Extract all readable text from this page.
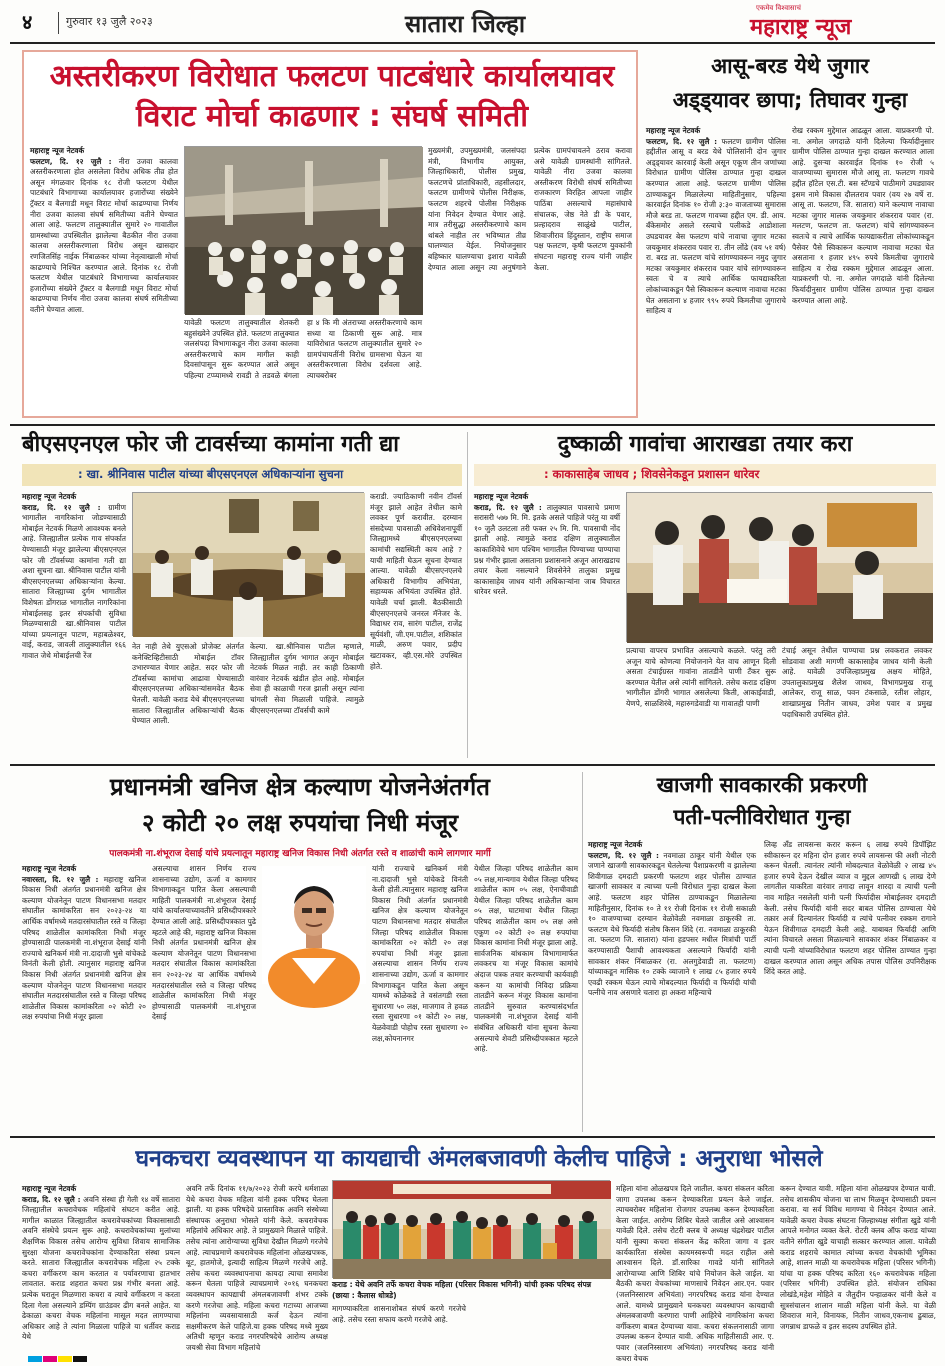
४	गुरुवार १३ जुलै २०२३	सातारा जिल्हा
एकमेव विश्वासाचं
महाराष्ट्र न्यूज
अस्तरीकरण विरोधात फलटण पाटबंधारे कार्यालयावर
विराट मोर्चा काढणार : संघर्ष समिती
महाराष्ट्र न्यूज नेटवर्क
फलटण, दि. १२ जुलै : नीरा उजवा कालवा अस्तरीकरणाला होत असलेला विरोध अधिक तीव्र होत असून मंगळवार दिनांक १८ रोजी फलटण येथील पाटबंधारे विभागाच्या कार्यालयावर हजारोंच्या संख्येने ट्रॅक्टर व बैलगाडी मधून विराट मोर्चा काढण्याचा निर्णय नीरा उजवा कालवा संघर्ष समितीच्या वतीने घेण्यात आला आहे. फलटण तालुक्यातील सुमारे २० गावातील ग्रामस्थांच्या उपस्थितीत झालेल्या बैठकीत नीरा उजवा कालवा अस्तरीकरणाला विरोध असून खासदार रणजितसिंह नाईक निंबाळकर यांच्या नेतृत्वाखाली मोर्चा काढण्याचे निश्चित करण्यात आले. दिनांक १८ रोजी फलटण येथील पाटबंधारे विभागाच्या कार्यालयावर हजारोंच्या संख्येने ट्रॅक्टर व बैलगाडी मधून विराट मोर्चा काढण्याचा निर्णय नीरा उजवा कालवा संघर्ष समितीच्या वतीने घेण्यात आला.
यावेळी फलटण तालुक्यातील शेतकरी बहुसंख्येने उपस्थित होते. फलटण तालुक्यात जलसंपदा विभागाकडून नीरा उजवा कालवा अस्तरीकरणाचे काम मागील काही दिवसांपासून सुरू करण्यात आले असून पहिल्या टप्प्यामध्ये रावडी ते तडवळे बंगला हा ४ कि मी अंतराच्या अस्तरीकरणाचे काम सध्या या ठिकाणी सुरू आहे. मात्र याविरोधात फलटण तालुक्यातील सुमारे २० ग्रामपंचायतींनी विरोध ग्रामसभा घेऊन या अस्तरीकरणाला विरोध दर्शवला आहे. त्याचबरोबर
मुख्यमंत्री, उपमुख्यमंत्री, जलसंपदा मंत्री, विभागीय आयुक्त, जिल्हाधिकारी, पोलीस प्रमुख, फलटणचे प्रांताधिकारी, तहसीलदार, फलटण ग्रामीणचे पोलीस निरीक्षक, फलटण शहरचे पोलीस निरीक्षक यांना निवेदन देण्यात येणार आहे. मात्र तरीसुद्धा अस्तरीकरणाचे काम थांबले नाहीत तर भविष्यात तीव्र घालण्यात येईल. नियोजनुसार बहिष्कार घालण्याचा इशारा यावेळी देण्यात आला असून त्या अनुषंगाने प्रत्येक ग्रामपंचायतने ठराव करावा असे यावेळी ग्रामस्थांनी सांगितले. यावेळी नीरा उजवा कालवा अस्तीकरण विरोधी संघर्ष समितीच्या राजकारण विरहित आपला जाहीर पाठिंबा असल्याचे महासंघाचे संचालक, जेष्ठ नेते डी के पवार, प्रल्हादराव साळुंखे पाटील, शिवाजीराव हिंदुस्तान, राष्ट्रीय समाज पक्ष फलटण, कृषी फलटण युवकांनी संघटना महाराष्ट्र राज्य यांनी जाहीर केला.
आसू-बरड येथे जुगार
अड्ड्यावर छापा; तिघावर गुन्हा
महाराष्ट्र न्यूज नेटवर्क
फलटण, दि. १२ जुलै : फलटण ग्रामीण पोलिस हद्दीतील आसू व बरड येथे पोलिसांनी दोन जुगार अड्ड्यावर कारवाई केली असून एकूण तीन जणांच्या विरोधात ग्रामीण पोलिस ठाण्यात गुन्हा दाखल करण्यात आला आहे. फलटण ग्रामीण पोलिस ठाण्याकडून मिळालेल्या माहितीनुसार, पहिल्या कारवाईत दिनांक १० रोजी ३:३० वाजताच्या सुमारास मौजे बरड ता. फलटण गावच्या हद्दीत एम. डी. आय. बँकेसमोर असले रस्त्याचे पलीकडे आडोशाला उघडयावर बेस फलटण यांचे नावाचा जुगार मटका जयकुमार शंकरराव पवार रा. तीन लोंढे (वय ५१ वर्ष) रा. बरड ता. फलटण यांचे सांगण्यावरून नमुद जुगार मटका जयकुमार शंकरराव पवार यांचे सांगण्यावरून स्वतः चे व त्याचे आर्थिक फायद्याकरिता लोकांच्याकडून पैसे स्विकारून कल्याण नावाचा मटका घेत असताना ४ हजार ९९५ रुपये किमतीचा जुगाराचे साहित्य व
रोख रक्कम मुद्देमाल आढळून आला. याप्रकरणी पो. ना. अमोल जगदाळे यांनी दिलेल्या फिर्यादीनुसार ग्रामीण पोलिस ठाण्यात गुन्हा दाखल करण्यात आला आहे. दुसऱ्या कारवाईत दिनांक १० रोजी ५ वाजण्याच्या सुमारास मौजे आसू ता. फलटण गावचे हद्दीत हॉटेल एस.टी. बस स्टॅण्डचे पाठीमागे उघड्यावर इसम नामे विकास दौलतराव पवार (वय २७ वर्षे रा. आसू ता. फलटण, जि. सातारा) याने कल्याण नावाचा मटका जुगार मालक जयकुमार शंकरराव पवार (रा. मलटण, फलटण ता. फलटण) यांचे सांगण्यावरून स्वतःचे व त्याचे आर्थिक फायद्याकरीता लोकांच्याकडून पैसेवर पैसे स्विकारून कल्याण नावाचा मटका घेत असताना १ हजार ४९५ रुपये किमतीचा जुगाराचे साहित्य व रोख रक्कम मुद्देमाल आढळून आला. याप्रकरणी पो. ना. अमोल जगदाळे यांनी दिलेल्या फिर्यादीनुसार ग्रामीण पोलिस ठाण्यात गुन्हा दाखल करण्यात आला आहे.
बीएसएनएल फोर जी टावर्सच्या कामांना गती द्या
: खा. श्रीनिवास पाटील यांच्या बीएसएनएल अधिकाऱ्यांना सुचना
महाराष्ट्र न्यूज नेटवर्क
कराड, दि. १२ जुलै : ग्रामीण भागातील नागरिकांना जोडण्यासाठी मोबाईल नेटवर्क मिळणे आवश्यक बनले आहे. जिल्ह्यातील प्रत्येक गाव संपर्कात येण्यासाठी मंजूर झालेल्या बीएसएनएल फोर जी टॉवर्सच्या कामांना गती द्या अशा सूचना खा. श्रीनिवास पाटील यांनी बीएसएनएलच्या अधिकाऱ्यांना केल्या. सातारा जिल्ह्याच्या दुर्गम भागातील विशेषतः डोंगराळ भागातील नागरिकांना मोबाईलसह इतर संपर्काची सुविधा मिळण्यासाठी खा.श्रीनिवास पाटील यांच्या प्रयत्नातून पाटण, महाबळेश्वर, वाई, कराड, जावली तालुक्यातील १६६ गावात जेथे मोबाईलची रेंज
नेत नाही तेथे युएसओ प्रोजेक्ट अंतर्गत कनेक्टिव्हिटीसाठी मोबाईल टॉवर उभारण्यात येणार आहेत. सदर फोर जी टॉवर्सच्या कामांचा आढावा घेण्यासाठी बीएसएनएलच्या अधिकाऱ्यांसमवेत बैठक घेतली. यावेळी कराड येथे बीएसएनएलच्या सातारा जिल्ह्यातील अधिकाऱ्यांची बैठक घेण्यात आली.
केल्या. खा.श्रीनिवास पाटील म्हणाले, जिल्ह्यातील दुर्गम भागात अजून मोबाईल नेटवर्क मिळत नाही. तर काही ठिकाणी वारंवार नेटवर्क खंडीत होत आहे. मोबाईल सेवा ही काळाची गरज झाली असून त्यांना चांगली सेवा मिळाली पाहिजे. त्यामुळे बीएसएनएलच्या टॉवर्सची कामे
कराडी. ज्याठिकाणी नवीन टॉवर्स मंजूर झाले आहेत तेथील कामे लवकर पूर्ण करावीत. दरम्यान संसदेच्या पावसाळी अधिवेशनापूर्वी जिल्ह्यामध्ये बीएसएनएलच्या कामांची सद्यस्थिती काय आहे ? याची माहिती घेऊन सूचना देण्यात आल्या. यावेळी बीएसएनएलचे अधिकारी विभागीय अभियंता, सहाय्यक अभियंता उपस्थित होते. यावेळी चर्चा झाली. बैठकीसाठी बीएसएनएलचे जनरल मॅनेजर के. विद्याधर राव, सारंग पाटील, राजेंद्र सूर्यवंशी, जी.एम.पाटील, शशिकांत माळी, अरुण पवार, प्रदीप खटावकर, व्ही.एस.मोरे उपस्थित होते.
दुष्काळी गावांचा आराखडा तयार करा
: काकासाहेब जाधव ; शिवसेनेकडून प्रशासन धारेवर
महाराष्ट्र न्यूज नेटवर्क
कराड, दि. १२ जुलै : तालुक्यात पावसाचे प्रमाण सरासरी ५७७ मि. मि. इतके असले पाहिजे परंतु या वर्षी १० जुलै उलटला तरी फक्त २५ मि. मि. पावसाची नोंद झाली आहे. त्यामुळे कराड दक्षिण तालुक्यातील काकाशिवेचे भाग पश्चिम भागातील पिण्याच्या पाण्याचा प्रश्न गंभीर झाला असताना प्रशासनाने अजून आराखडाच तयार केला नसल्याने शिवसेनेने तालुका प्रमुख काकासाहेब जाधव यांनी अधिकाऱ्यांना जाब विचारत धारेवर धरले.
प्रत्याचा वापरच प्रभावित असल्याचे कळले. परंतु तरी अजून याचे कोणत्या नियोजनाने येत वाच आणून दिली असता टंचाईग्रस्त गावांना तातडीने पाणी टँकर सुरू करण्यात येतील असे त्यांनी सांगितले. तसेच कराड दक्षिण भागीतील डोंगरी भागात असलेल्या किती, आकाईवाडी, येणपे, साळशिरंबे, महारुगडेवाडी या गावातही पाणी
टंचाई असून तेथील पाण्याचा प्रश्न लवकरात लवकर सोडवावा अशी मागणी काकासाहेब जाधव यांनी केली आहे. यावेळी उपजिल्हाप्रमुख अक्षय मोहिते, उपतालुकाप्रमुख शैलेश जाधव, विभागप्रमुख राजू आलेकर, राजू साळ, पवन टंकसाळे, रतीश लोहार, शाखाप्रमुख नितीन जाधव, उमेश पवार व प्रमुख पदाधिकारी उपस्थित होते.
प्रधानमंत्री खनिज क्षेत्र कल्याण योजनेअंतर्गत
२ कोटी २० लक्ष रुपयांचा निधी मंजूर
पालकमंत्री ना.शंभूराज देसाई यांचे प्रयत्नातून महाराष्ट्र खनिज विकास निधी अंतर्गत रस्ते व शाळांची कामे लागणार मार्गी
महाराष्ट्र न्यूज नेटवर्क
नवारस्ता, दि. १२ जुलै : महाराष्ट्र खनिज विकास निधी अंतर्गत प्रधानमंत्री खनिज क्षेत्र कल्याण योजनेतून पाटण विधानसभा मतदार संघातील कामांकरिता सन २०२३-२४ या आर्थिक वर्षामध्ये मतदारसंघातील रस्ते व जिल्हा परिषद शाळेतील कामांकरिता निधी मंजूर होण्यासाठी पालकमंत्री ना.शंभूराज देसाई यांनी राज्याचे खनिकर्म मंत्री ना.दादाजी भुसे यांचेकडे विनंती केली होती. त्यानुसार महाराष्ट्र खनिज विकास निधी अंतर्गत प्रधानमंत्री खनिज क्षेत्र कल्याण योजनेतून पाटण विधानसभा मतदार संघातील मतदारसंघातील रस्ते व जिल्हा परिषद शाळेतील विकास कामांकरिता ०२ कोटी २० लक्ष रुपयांचा निधी मंजूर झाला
असल्याचा शासन निर्णय राज्य शासनाच्या उद्योग, ऊर्जा व कामगार विभागाकडून पारित केला असल्याची माहिती पालकमंत्री ना.शंभूराज देसाई यांचे कार्यालयाच्यावतीने प्रसिध्दीपत्रकारे देण्यात आली आहे. प्रसिध्दीपत्रकात पुढे म्हटले आहे की, महाराष्ट्र खनिज विकास निधी अंतर्गत प्रधानमंत्री खनिज क्षेत्र कल्याण योजनेतून पाटण विधानसभा मतदार संघातील विकास कामांकरिता सन २०२३-२४ या आर्थिक वर्षामध्ये मतदारसंघातील रस्ते व जिल्हा परिषद शाळेतील कामांकरिता निधी मंजूर होण्यासाठी पालकमंत्री ना.शंभूराज देसाई
यांनी राज्याचे खनिकर्म मंत्री ना.दादाजी भुसे यांचेकडे विनंती केली होती.त्यानुसार महाराष्ट्र खनिज विकास निधी अंतर्गत प्रधानमंत्री खनिज क्षेत्र कल्याण योजनेतून पाटण विधानसभा मतदार संघातील जिल्हा परिषद शाळेतील विकास कामांकरिता ०२ कोटी २० लक्ष रुपयांचा निधी मंजूर झाला असल्याचा शासन निर्णय राज्य शासनाच्या उद्योग, ऊर्जा व कामगार विभागाकडून पारित केला असून यामध्ये कोळेकडे ते वसंतगडी रस्ता सुधारणा ५० लक्ष, माजगाव ते हवळ रस्ता सुधारणा ०१ कोटी २० लक्ष, येळवेवाडी पोहोच रस्ता सुधारणा २० लक्ष,कोयनानगर
येथील जिल्हा परिषद शाळेतील काम ०५ लक्ष,मान्यगाव येथील जिल्हा परिषद शाळेतील काम ०५ लक्ष, ऐनाचीवाडी येथील जिल्हा परिषद शाळेतील काम ०५ लक्ष, घाटमाथा येथील जिल्हा परिषद शाळेतील काम ०५ लक्ष असे एकूण ०२ कोटी २० लक्ष रुपयांचा विकास कामांना निधी मंजूर झाला आहे. सार्वजनिक बांधकाम विभागामार्फत लवकरच या मंजूर विकास कामांचे अंदाज पत्रक तयार करण्याची कार्यवाही करून या कामांची निविदा प्रक्रिया तातडीने करून मंजूर विकास कामांना तातडीने सुरुवात करण्यासंदर्भात पालकमंत्री ना.शंभूराज देसाई यांनी संबंधित अधिकारी यांना सूचना केल्या असल्याचे शेवटी प्रसिध्दीपत्रकात म्हटले आहे.
खाजगी सावकारकी प्रकरणी
पती-पत्नीविरोधात गुन्हा
महाराष्ट्र न्यूज नेटवर्क
फलटण, दि. १२ जुलै : नवमाळा ठाकूर यांनी येथील एक जणाने खाजगी सावकारकडून घेतलेल्या पैशाप्रकरणी व झालेल्या शिवीगाळ दमदाटी प्रकरणी फलटण शहर पोलीस ठाण्यात खाजगी सावकार व त्याच्या पत्नी विरोधात गुन्हा दाखल केला आहे. फलटण शहर पोलिस ठाण्याकडून मिळालेल्या माहितीनुसार, दिनांक १० ते ११ रोजी दिनांक ११ रोजी सकाळी १० वाजण्याच्या दरम्यान वेळोवेळी नवमाळा ठाकूरकी ता. फलटण येथे फिर्यादी संतोष किसन शिंदे (रा. नवमाळा ठाकूरकी ता. फलटण जि. सातारा) यांना हडपसर मधील मित्रांची पार्टी करण्यासाठी पैशाची आवश्यकता असल्याने फिर्यादी यांनी सावकार शंकर निंबाळकर (रा. अलगुडेवाडी ता. फलटण) यांच्याकडून मासिक १० टक्के व्याजाने १ लाख ८५ हजार रुपये एवढी रक्कम घेऊन त्याचे मोबदल्यात फिर्यादी व फिर्यादी यांची पत्नीचे नाव असणारे चतारा हा अकरा महिन्याचे
लिव्ह अँड लायसन्स करार करून ६ लाख रुपये डिपॉझिट स्वीकारून दर महिना दोन हजार रुपये लायसन्स फी अशी नोटरी करून घेतली. त्यानंतर त्यांनी मोबदल्यात वेळोवेळी २ लाख ४५ हजार रुपये देऊन देखील व्याज व मुद्दल आणखी ६ लाख देणे लागतील याकरिता वारंवार तगादा लावून शारदा व त्याची पत्नी नाव माहित नसलेली यांनी पत्नी फिर्यादीस मोबाईलवर दमदाटी केली. तसेच फिर्यादी यांनी सदर बाबत पोलिस ठाण्याला येथे तक्रार अर्ज दिल्यानंतर फिर्यादी व त्यांचे पत्नीवर रक्कम रागाने येऊन शिवीगाळ दमदाटी केली आहे. याबाबत फिर्यादी आणि त्यांना विचारले असता मिळाल्याने सावकार शंकर निंबाळकर व त्याची पत्नी यांच्याविरोधात फलटण शहर पोलिस ठाण्यात गुन्हा दाखल करण्यात आला असून अधिक तपास पोलिस उपनिरीक्षक शिंदे करत आहे.
घनकचरा व्यवस्थापन या कायद्याची अंमलबजावणी केलीच पाहिजे : अनुराधा भोसले
महाराष्ट्र न्यूज नेटवर्क
कराड, दि. १२ जुलै : अवनि संस्था ही गेली १४ वर्षे सातारा जिल्ह्यातील कचरावेचक महिलांचे संघटन करीत आहे. मागील काळात जिल्ह्यातील कचरावेचकांच्या विकासासाठी अवनि संस्थेचे प्रयत्न सुरू आहे. कचरावेचकांच्या मुलांच्या शैक्षणिक विकास तसेच आरोग्य सुविधा शिवाय सामाजिक सुरक्षा योजना कचरावेचकांना देण्याकरिता संस्था प्रयत्न करते. सातारा जिल्ह्यातील कचरावेचक महिला २५ टक्के कचरा वर्गीकरण काम करतात व पर्यावरणाचा हातभार लावतात. कराड शहरात कचरा प्रश्न गंभीर बनला आहे. प्रत्येक घरातून मिळणारा कचरा व त्याचे वर्गीकरण न करता दिला गेला असल्याने डम्पिंग ग्राउंडवर ढीग बनले आहेत. या ढेकाळा कचरा वेचक महिलांना मासूल मदत लागण्याचा अधिकार आहे ते त्यांना मिळाला पाहिजे या धर्तीवर कराड येथे
अवनि तर्फे दिनांक ११/७/२०२३ रोजी करपे धर्मशाळा येथे कचरा वेचक महिला यांनी हक्क परिषद घेतला झाली. या हक्क परिषदेचे प्रास्ताविक अवनि संस्थेच्या संस्थापक अनुराधा भोसले यांनी केले. कचरावेचक महिलांचे अधिकार आहे. ते प्रामुख्याने मिळाले पाहिजे. तसेच त्यांना आरोग्याच्या सुविधा देखील मिळणे गरजेचे आहे. त्याचप्रमाणे कचरावेचक महिलांना ओळखपत्रक, बूट, हातमोजे, इत्यादी साहित्य मिळणे गरजेचे आहे. तसेच कचरा व्यवस्थापनाचा कायदा त्याचा समावेश करून घेतला पाहिजे त्याचप्रमाणे २०१६ घनकचरा व्यवस्थापन कायद्याची अंमलबजावणी शंभर टक्के करणे गरजेचा आहे. महिला कचरा गटाच्या आजच्या महिलांना व्यवसायासाठी कर्ज देऊन त्यांना सक्षमीकरण केले पाहिजे.या हक्क परिषद मध्ये मुख्य अतिथी म्हणून कराड नगरपरिषदेचे आरोग्य अध्यक्ष जयश्री सेवा विभाग महिलांचे
कराड : येथे अवनि तर्फे कचरा वेचक महिला (परिसर विकास भगिनी) यांची हक्क परिषद संपन्न (छाया : कैलास धोत्रडे)
मागण्याकरिता शासनाशोबत संघर्ष करणे गरजेचे आहे. तसेच रस्ता सफाय करणे गरजेचे आहे.
महिला यांना ओळखपत्र दिले जातील. कचरा संकलन करिता जागा उपलब्ध करून देण्याकरिता प्रयत्न केले जाईल. त्याचबरोबर महिलांना रोजगार उपलब्ध करून देण्याकरिता केला जाईल. आरोग्य शिबिर घेतले जातील असे आश्वासन यावेळी दिले. तसेच रोटरी क्लब चे अध्यक्ष चंद्रशेखर पाटील यांनी सुक्या कचरा संकलन केंद्र करिता जागा व इतर कार्यकारिता संस्थेस कायमस्वरूपी मदत राहील असे आश्वासन दिले. डॉ.सारिका गावडे यांनी सांगितले आरोग्याच्या आणि शिबिर यांचे नियोजन केले जाईल. या बैठकी कचरा वेचकांच्या माणसाचे निवेदन आर.एन. पवार (जलनिस्सारण अभियंता) नगरपरिषद कराड यांना देण्यात आले. यामध्ये प्रामुख्याने घनकचरा व्यवस्थापन कायद्याची अंमलबजावणी करणारा पाणी आहिरेचे नागरिकांना कचरा वर्गीकरण बाबत देण्याच्या यावा. कचरा संकलनासाठी जागा उपलब्ध करून देण्यात यावी. अधिक माहितीसाठी आर. ए. पवार (जलनिस्सारण अभियंता) नगरपरिषद कराड यांनी कचरा वेचक
करून देण्यात यावी. महिला यांना ओळखपत्र देण्यात यावी. तसेच शासकीय योजना चा लाभ मिळवून देण्यासाठी प्रयत्न करावा. या सर्व विविध मागण्या चे निवेदन देण्यात आले. यावेळी कचरा वेचक संघटना जिल्हाध्यक्ष संगीता खुडे यांनी आपले मनोगत व्यक्त केले. रोटरी क्लब ऑफ कराड यांच्या वतीने संगीता खुडे याचाही सत्कार करण्यात आला. यावेळी कराड शहराचे कामात त्यांच्या कचरा वेचकांची भूमिका आहे, शालन माळी या कचरावेचक महिला (परिसर भगिनी) यांचा या हक्क परिषद करिता १६० कचरावेचक महिला (परिसर भगिनी) उपस्थित होते. संयोजन राधिका लोखंडे,महेश मोहिते व जैतुदीन पन्हाळकर यांनी केले व सूत्रसंचालन शालान माळी महिला यांनी केले. या वेळी शिवराज माने, विनायक, नितीन जाधव,एकनाथ ढुबाळ, जगन्नाथ डाफळे व इतर सदस्य उपस्थित होते.
